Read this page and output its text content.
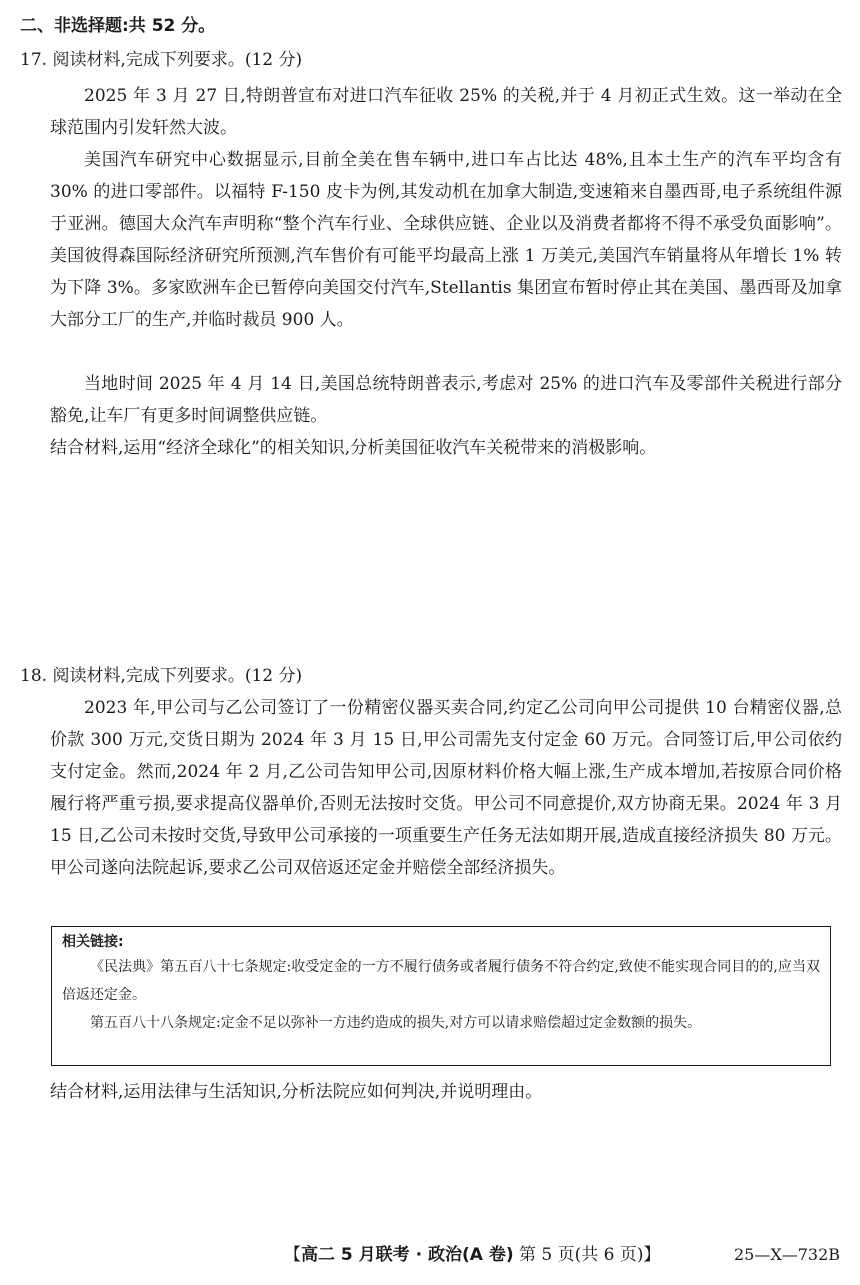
二、非选择题:共 52 分。

17. 阅读材料,完成下列要求。(12 分)

2025 年 3 月 27 日,特朗普宣布对进口汽车征收 25% 的关税,并于 4 月初正式生效。这一举动在全球范围内引发轩然大波。

美国汽车研究中心数据显示,目前全美在售车辆中,进口车占比达 48%,且本土生产的汽车平均含有 30% 的进口零部件。以福特 F-150 皮卡为例,其发动机在加拿大制造,变速箱来自墨西哥,电子系统组件源于亚洲。德国大众汽车声明称“整个汽车行业、全球供应链、企业以及消费者都将不得不承受负面影响”。美国彼得森国际经济研究所预测,汽车售价有可能平均最高上涨 1 万美元,美国汽车销量将从年增长 1% 转为下降 3%。多家欧洲车企已暂停向美国交付汽车,Stellantis 集团宣布暂时停止其在美国、墨西哥及加拿大部分工厂的生产,并临时裁员 900 人。

当地时间 2025 年 4 月 14 日,美国总统特朗普表示,考虑对 25% 的进口汽车及零部件关税进行部分豁免,让车厂有更多时间调整供应链。

结合材料,运用“经济全球化”的相关知识,分析美国征收汽车关税带来的消极影响。

18. 阅读材料,完成下列要求。(12 分)

2023 年,甲公司与乙公司签订了一份精密仪器买卖合同,约定乙公司向甲公司提供 10 台精密仪器,总价款 300 万元,交货日期为 2024 年 3 月 15 日,甲公司需先支付定金 60 万元。合同签订后,甲公司依约支付定金。然而,2024 年 2 月,乙公司告知甲公司,因原材料价格大幅上涨,生产成本增加,若按原合同价格履行将严重亏损,要求提高仪器单价,否则无法按时交货。甲公司不同意提价,双方协商无果。2024 年 3 月 15 日,乙公司未按时交货,导致甲公司承接的一项重要生产任务无法如期开展,造成直接经济损失 80 万元。甲公司遂向法院起诉,要求乙公司双倍返还定金并赔偿全部经济损失。

相关链接:

《民法典》第五百八十七条规定:收受定金的一方不履行债务或者履行债务不符合约定,致使不能实现合同目的的,应当双倍返还定金。

第五百八十八条规定:定金不足以弥补一方违约造成的损失,对方可以请求赔偿超过定金数额的损失。

结合材料,运用法律与生活知识,分析法院应如何判决,并说明理由。

【高二 5 月联考 · 政治(A 卷) 第 5 页(共 6 页)】	25—X—732B
